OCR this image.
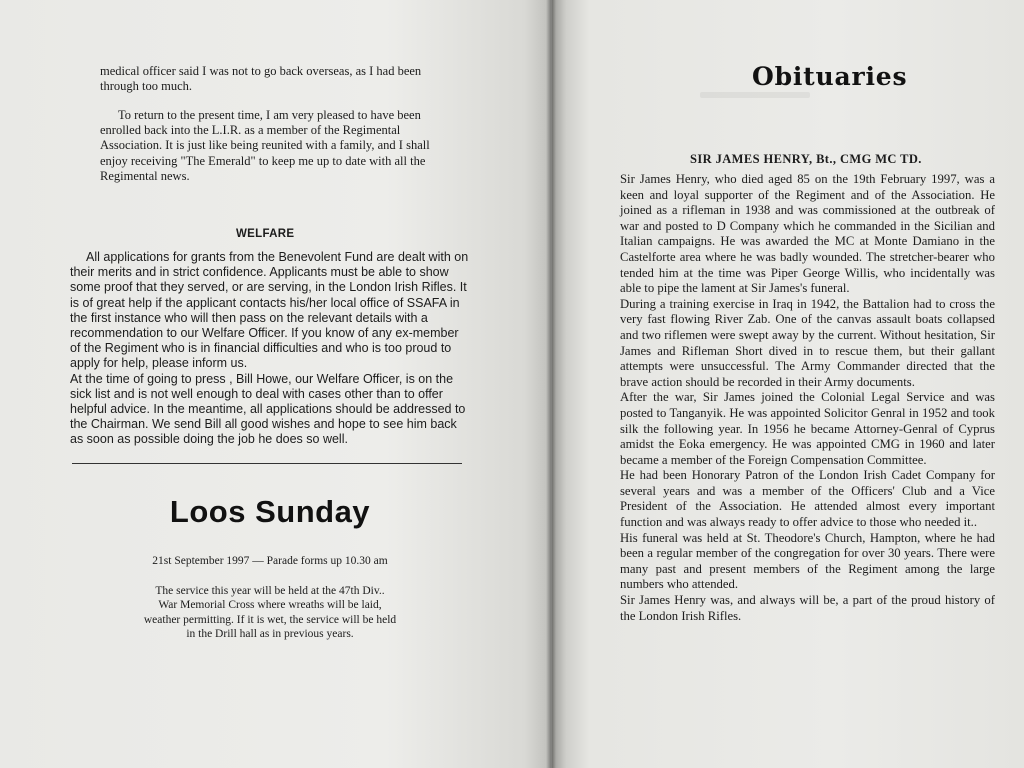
medical officer said I was not to go back overseas, as I had been through too much.

To return to the present time, I am very pleased to have been enrolled back into the L.I.R. as a member of the Regimental Association. It is just like being reunited with a family, and I shall enjoy receiving "The Emerald" to keep me up to date with all the Regimental news.

WELFARE

All applications for grants from the Benevolent Fund are dealt with on their merits and in strict confidence. Applicants must be able to show some proof that they served, or are serving, in the London Irish Rifles. It is of great help if the applicant contacts his/her local office of SSAFA in the first instance who will then pass on the relevant details with a recommendation to our Welfare Officer. If you know of any ex-member of the Regiment who is in financial difficulties and who is too proud to apply for help, please inform us.

At the time of going to press , Bill Howe, our Welfare Officer, is on the sick list and is not well enough to deal with cases other than to offer helpful advice. In the meantime, all applications should be addressed to the Chairman. We send Bill all good wishes and hope to see him back as soon as possible doing the job he does so well.

Loos Sunday

21st September 1997 — Parade forms up 10.30 am

The service this year will be held at the 47th Div..
War Memorial Cross where wreaths will be laid,
weather permitting. If it is wet, the service will be held
in the Drill hall as in previous years.
Obituaries
SIR JAMES HENRY, Bt., CMG MC TD.

Sir James Henry, who died aged 85 on the 19th February 1997, was a keen and loyal supporter of the Regiment and of the Association. He joined as a rifleman in 1938 and was commissioned at the outbreak of war and posted to D Company which he commanded in the Sicilian and Italian campaigns. He was awarded the MC at Monte Damiano in the Castelforte area where he was badly wounded. The stretcher-bearer who tended him at the time was Piper George Willis, who incidentally was able to pipe the lament at Sir James's funeral.

During a training exercise in Iraq in 1942, the Battalion had to cross the very fast flowing River Zab. One of the canvas assault boats collapsed and two riflemen were swept away by the current. Without hesitation, Sir James and Rifleman Short dived in to rescue them, but their gallant attempts were unsuccessful. The Army Commander directed that the brave action should be recorded in their Army documents.

After the war, Sir James joined the Colonial Legal Service and was posted to Tanganyik. He was appointed Solicitor Genral in 1952 and took silk the following year. In 1956 he became Attorney-Genral of Cyprus amidst the Eoka emergency. He was appointed CMG in 1960 and later became a member of the Foreign Compensation Committee.

He had been Honorary Patron of the London Irish Cadet Company for several years and was a member of the Officers' Club and a Vice President of the Association. He attended almost every important function and was always ready to offer advice to those who needed it..

His funeral was held at St. Theodore's Church, Hampton, where he had been a regular member of the congregation for over 30 years. There were many past and present members of the Regiment among the large numbers who attended.

Sir James Henry was, and always will be, a part of the proud history of the London Irish Rifles.
